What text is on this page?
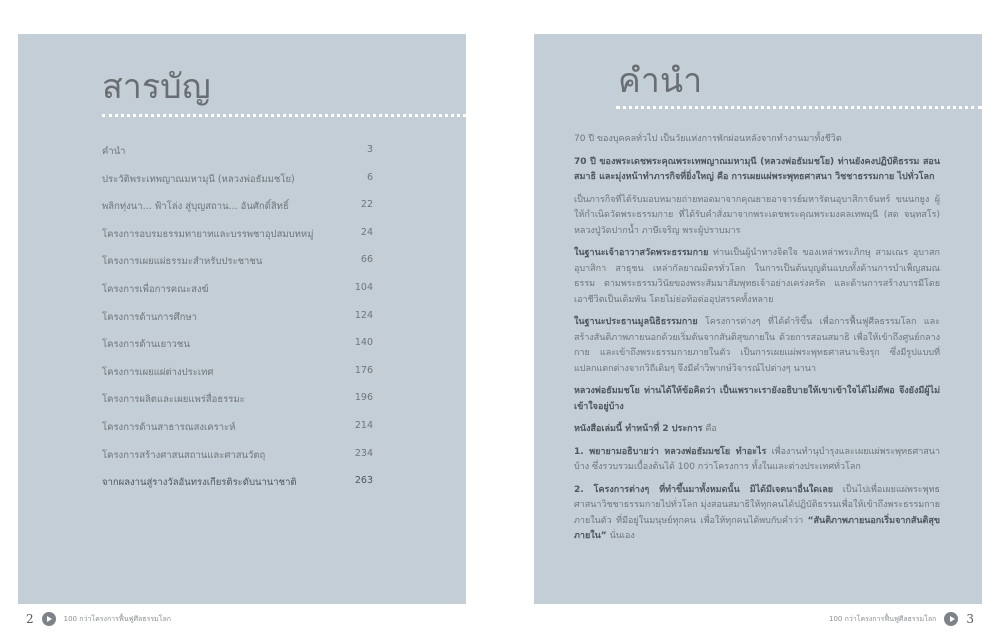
สารบัญ
คำนำ	3
ประวัติพระเทพญาณมหามุนี (หลวงพ่อธัมมชโย)	6
พลิกทุ่งนา... ฟ้าโล่ง สู่บุญสถาน... อันศักดิ์สิทธิ์	22
โครงการอบรมธรรมทายาทและบรรพชาอุปสมบทหมู่	24
โครงการเผยแผ่ธรรมะสำหรับประชาชน	66
โครงการเพื่อการคณะสงฆ์	104
โครงการด้านการศึกษา	124
โครงการด้านเยาวชน	140
โครงการเผยแผ่ต่างประเทศ	176
โครงการผลิตและเผยแพร่สื่อธรรมะ	196
โครงการด้านสาธารณสงเคราะห์	214
โครงการสร้างศาสนสถานและศาสนวัตถุ	234
จากผลงานสู่รางวัลอันทรงเกียรติระดับนานาชาติ	263
คำนำ

70 ปี ของบุคคลทั่วไป เป็นวัยแห่งการพักผ่อนหลังจากทำงานมาทั้งชีวิต

70 ปี ของพระเดชพระคุณพระเทพญาณมหามุนี (หลวงพ่อธัมมชโย) ท่านยังคงปฏิบัติธรรม สอนสมาธิ และมุ่งหน้าทำภารกิจที่ยิ่งใหญ่ คือ การเผยแผ่พระพุทธศาสนา วิชชาธรรมกาย ไปทั่วโลก

เป็นภารกิจที่ได้รับมอบหมายถ่ายทอดมาจากคุณยายอาจารย์มหารัตนอุบาสิกาจันทร์ ขนนกยูง ผู้ให้กำเนิดวัดพระธรรมกาย ที่ได้รับคำสั่งมาจากพระเดชพระคุณพระมงคลเทพมุนี (สด จนฺทสโร) หลวงปู่วัดปากน้ำ ภาษีเจริญ พระผู้ปราบมาร

ในฐานะเจ้าอาวาสวัดพระธรรมกาย ท่านเป็นผู้นำทางจิตใจ ของเหล่าพระภิกษุ สามเณร อุบาสก อุบาสิกา สาธุชน เหล่ากัลยาณมิตรทั่วโลก ในการเป็นต้นบุญต้นแบบทั้งด้านการบำเพ็ญสมณธรรม ตามพระธรรมวินัยของพระสัมมาสัมพุทธเจ้าอย่างเคร่งครัด และด้านการสร้างบารมีโดยเอาชีวิตเป็นเดิมพัน โดยไม่ย่อท้อต่ออุปสรรคทั้งหลาย

ในฐานะประธานมูลนิธิธรรมกาย โครงการต่างๆ ที่ได้ดำริขึ้น เพื่อการฟื้นฟูศีลธรรมโลก และสร้างสันติภาพภายนอกด้วยเริ่มต้นจากสันติสุขภายใน ด้วยการสอนสมาธิ เพื่อให้เข้าถึงศูนย์กลางกาย และเข้าถึงพระธรรมกายภายในตัว เป็นการเผยแผ่พระพุทธศาสนาเชิงรุก ซึ่งมีรูปแบบที่แปลกแตกต่างจากวิถีเดิมๆ จึงมีคำวิพากษ์วิจารณ์ไปต่างๆ นานา

หลวงพ่อธัมมชโย ท่านได้ให้ข้อคิดว่า เป็นเพราะเรายังอธิบายให้เขาเข้าใจได้ไม่ดีพอ จึงยังมีผู้ไม่เข้าใจอยู่บ้าง

หนังสือเล่มนี้ ทำหน้าที่ 2 ประการ คือ

1. พยายามอธิบายว่า หลวงพ่อธัมมชโย ทำอะไร เพื่องานทำนุบำรุงและเผยแผ่พระพุทธศาสนาบ้าง ซึ่งรวบรวมเบื้องต้นได้ 100 กว่าโครงการ ทั้งในและต่างประเทศทั่วโลก

2. โครงการต่างๆ ที่ทำขึ้นมาทั้งหมดนั้น มิได้มีเจตนาอื่นใดเลย เป็นไปเพื่อเผยแผ่พระพุทธศาสนาวิชชาธรรมกายไปทั่วโลก มุ่งสอนสมาธิให้ทุกคนได้ปฏิบัติธรรมเพื่อให้เข้าถึงพระธรรมกายภายในตัว ที่มีอยู่ในมนุษย์ทุกคน เพื่อให้ทุกคนได้พบกับคำว่า “สันติภาพภายนอกเริ่มจากสันติสุขภายใน” นั่นเอง

2	100 กว่าโครงการฟื้นฟูศีลธรรมโลก	100 กว่าโครงการฟื้นฟูศีลธรรมโลก	3
